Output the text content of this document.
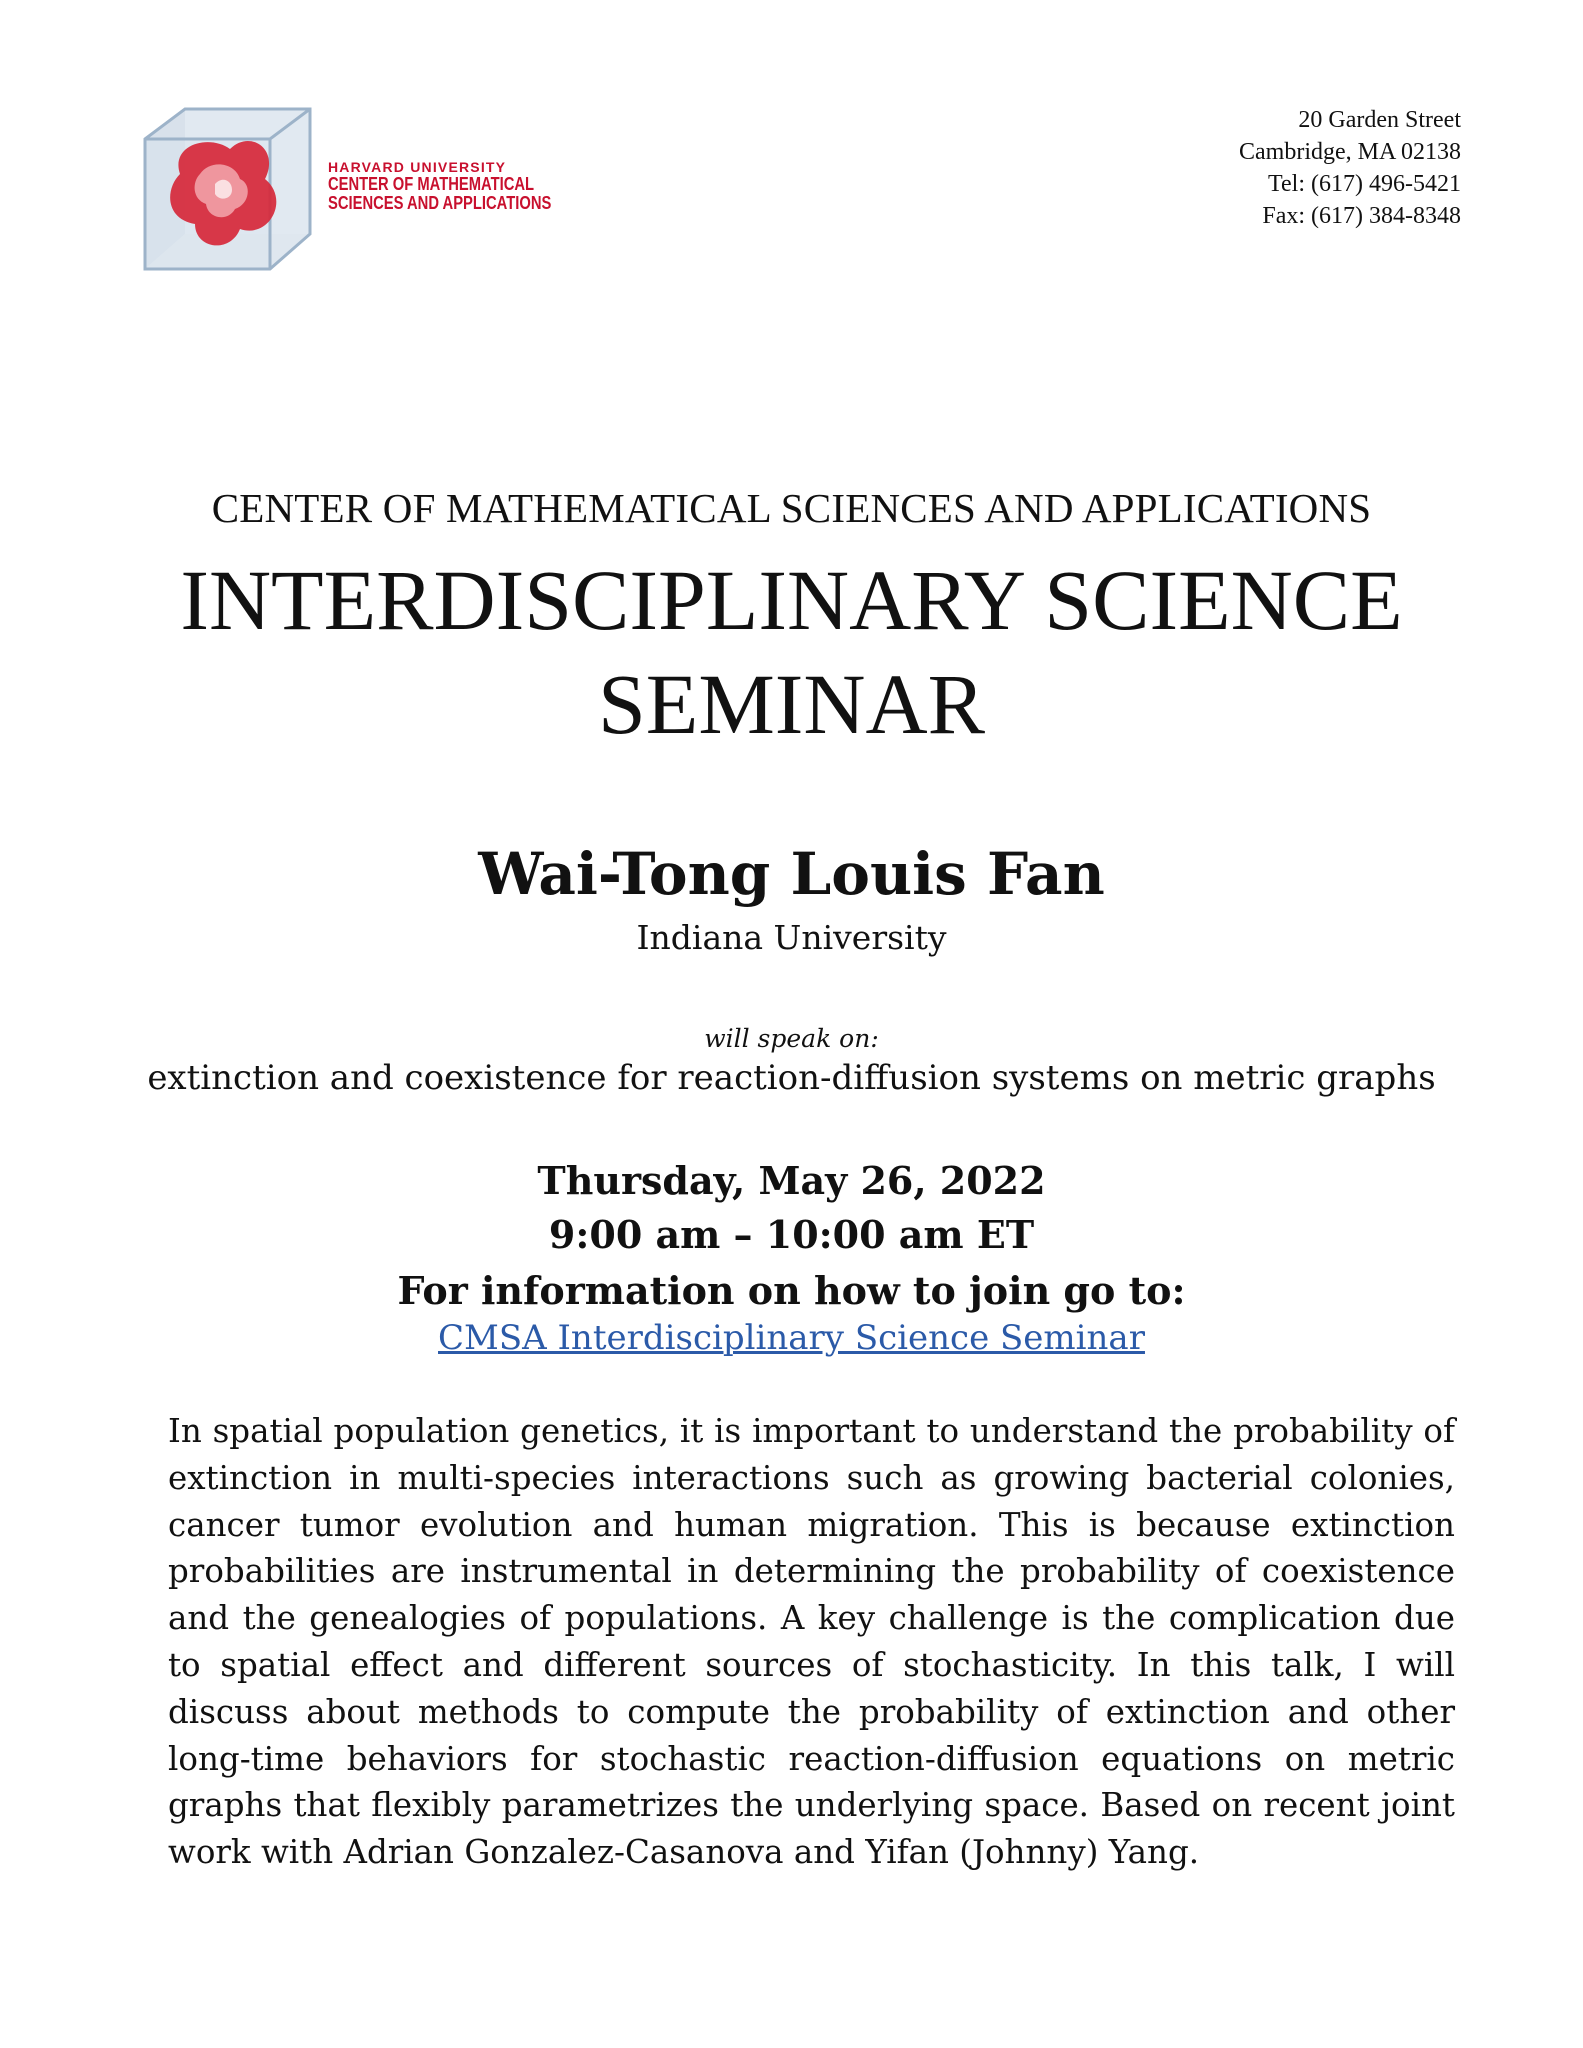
HARVARD UNIVERSITY
CENTER OF MATHEMATICAL
SCIENCES AND APPLICATIONS
20 Garden Street
Cambridge, MA 02138
Tel: (617) 496-5421
Fax: (617) 384-8348
CENTER OF MATHEMATICAL SCIENCES AND APPLICATIONS
INTERDISCIPLINARY SCIENCE
SEMINAR
Wai-Tong Louis Fan
Indiana University
will speak on:
extinction and coexistence for reaction-diffusion systems on metric graphs
Thursday, May 26, 2022
9:00 am – 10:00 am ET
For information on how to join go to:
CMSA Interdisciplinary Science Seminar
In spatial population genetics, it is important to understand the probability of extinction in multi-species interactions such as growing bacterial colonies, cancer tumor evolution and human migration. This is because extinction probabilities are instrumental in determining the probability of coexistence and the genealogies of populations. A key challenge is the complication due to spatial effect and different sources of stochasticity. In this talk, I will discuss about methods to compute the probability of extinction and other long-time behaviors for stochastic reaction-diffusion equations on metric graphs that flexibly parametrizes the underlying space. Based on recent joint work with Adrian Gonzalez-Casanova and Yifan (Johnny) Yang.
